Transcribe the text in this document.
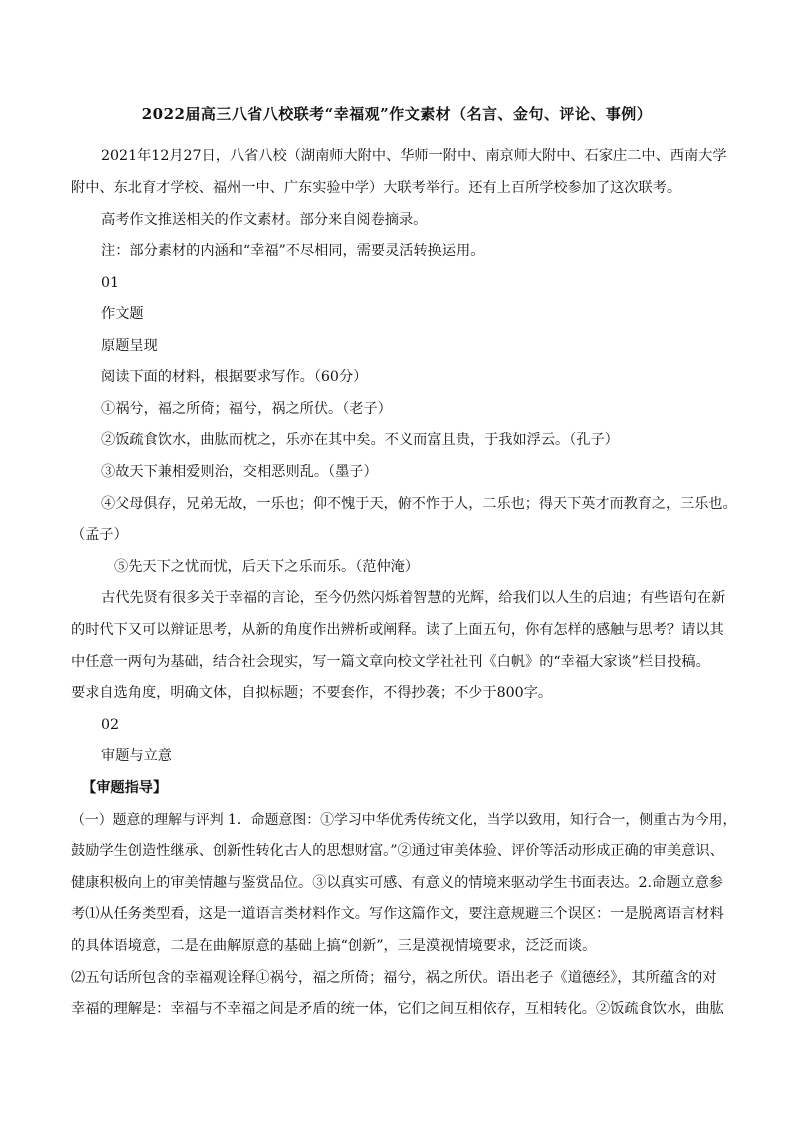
2022届高三八省八校联考“幸福观”作文素材（名言、金句、评论、事例）
2021年12月27日，八省八校（湖南师大附中、华师一附中、南京师大附中、石家庄二中、西南大学
附中、东北育才学校、福州一中、广东实验中学）大联考举行。还有上百所学校参加了这次联考。
高考作文推送相关的作文素材。部分来自阅卷摘录。
注：部分素材的内涵和“幸福”不尽相同，需要灵活转换运用。
01
作文题
原题呈现
阅读下面的材料，根据要求写作。（60分）
①祸兮，福之所倚；福兮，祸之所伏。（老子）
②饭疏食饮水，曲肱而枕之，乐亦在其中矣。不义而富且贵，于我如浮云。（孔子）
③故天下兼相爱则治，交相恶则乱。（墨子）
④父母俱存，兄弟无故，一乐也；仰不愧于天，俯不怍于人，二乐也；得天下英才而教育之，三乐也。
（孟子）
⑤先天下之忧而忧，后天下之乐而乐。（范仲淹）
古代先贤有很多关于幸福的言论，至今仍然闪烁着智慧的光辉，给我们以人生的启迪；有些语句在新
的时代下又可以辩证思考，从新的角度作出辨析或阐释。读了上面五句，你有怎样的感触与思考？请以其
中任意一两句为基础，结合社会现实，写一篇文章向校文学社社刊《白帆》的“幸福大家谈”栏目投稿。
要求自选角度，明确文体，自拟标题；不要套作，不得抄袭；不少于800字。
02
审题与立意
【审题指导】
（一）题意的理解与评判 1．命题意图：①学习中华优秀传统文化，当学以致用，知行合一，侧重古为今用，
鼓励学生创造性继承、创新性转化古人的思想财富。”②通过审美体验、评价等活动形成正确的审美意识、
健康积极向上的审美情趣与鉴赏品位。③以真实可感、有意义的情境来驱动学生书面表达。2.命题立意参
考⑴从任务类型看，这是一道语言类材料作文。写作这篇作文，要注意规避三个误区：一是脱离语言材料
的具体语境意，二是在曲解原意的基础上搞“创新”，三是漠视情境要求，泛泛而谈。
⑵五句话所包含的幸福观诠释①祸兮，福之所倚；福兮，祸之所伏。语出老子《道德经》，其所蕴含的对
幸福的理解是：幸福与不幸福之间是矛盾的统一体，它们之间互相依存，互相转化。②饭疏食饮水，曲肱
